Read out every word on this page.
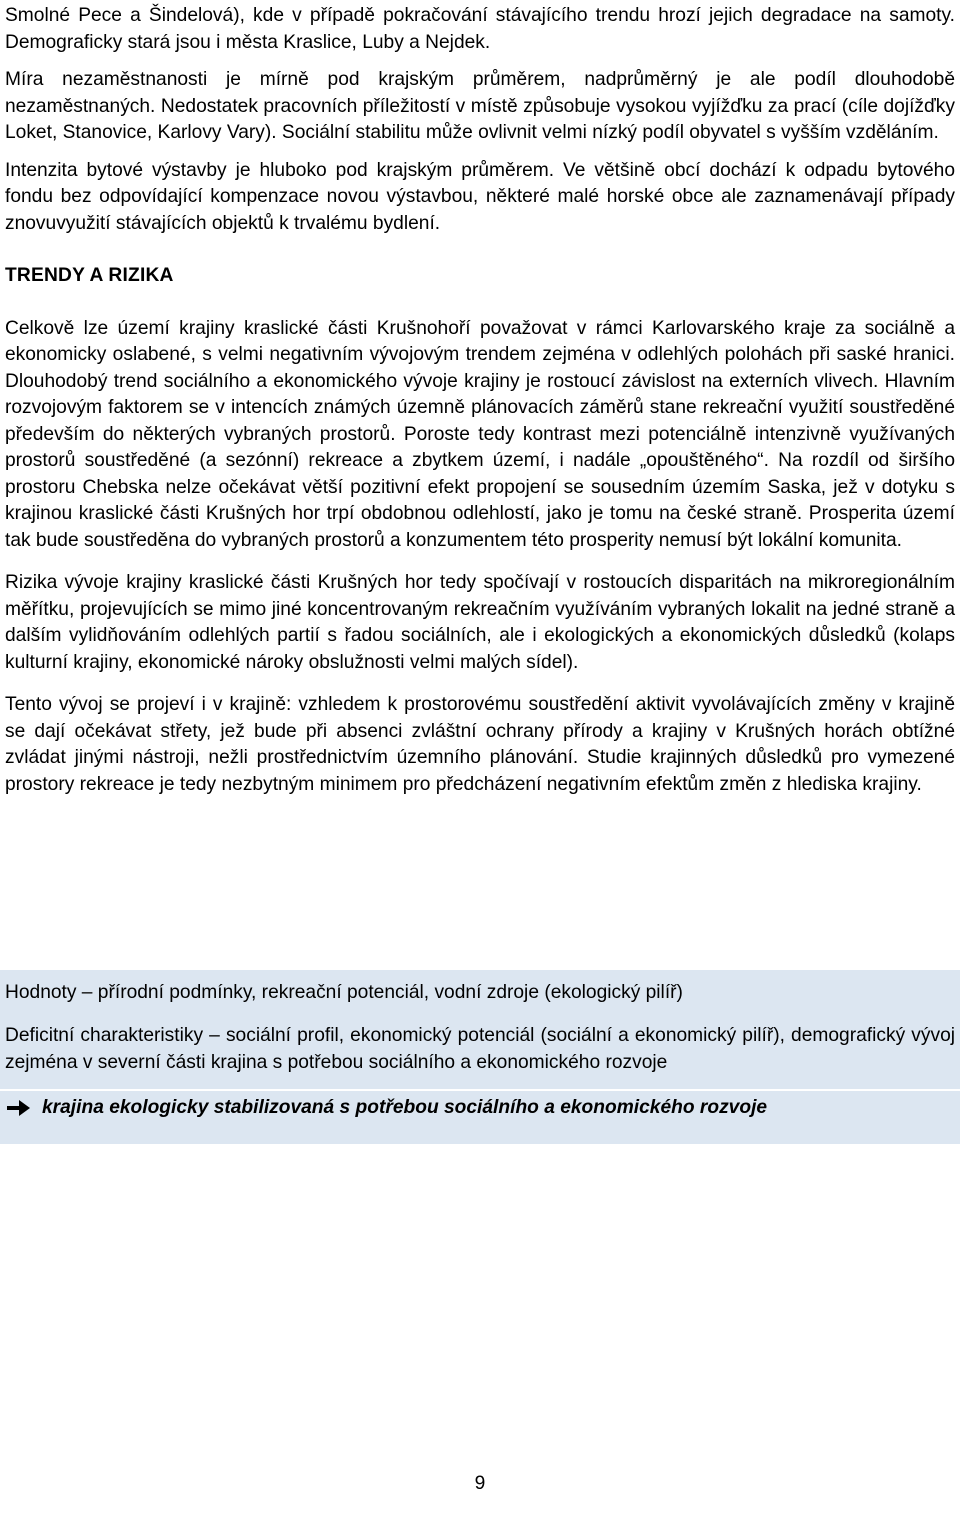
Smolné Pece a Šindelová), kde v případě pokračování stávajícího trendu hrozí jejich degradace na samoty. Demograficky stará jsou i města Kraslice, Luby a Nejdek.

Míra nezaměstnanosti je mírně pod krajským průměrem, nadprůměrný je ale podíl dlouhodobě nezaměstnaných. Nedostatek pracovních příležitostí v místě způsobuje vysokou vyjížďku za prací (cíle dojížďky Loket, Stanovice, Karlovy Vary). Sociální stabilitu může ovlivnit velmi nízký podíl obyvatel s vyšším vzděláním.

Intenzita bytové výstavby je hluboko pod krajským průměrem. Ve většině obcí dochází k odpadu bytového fondu bez odpovídající kompenzace novou výstavbou, některé malé horské obce ale zaznamenávají případy znovuvyužití stávajících objektů k trvalému bydlení.

TRENDY A RIZIKA

Celkově lze území krajiny kraslické části Krušnohoří považovat v rámci Karlovarského kraje za sociálně a ekonomicky oslabené, s velmi negativním vývojovým trendem zejména v odlehlých polohách při saské hranici. Dlouhodobý trend sociálního a ekonomického vývoje krajiny je rostoucí závislost na externích vlivech. Hlavním rozvojovým faktorem se v intencích známých územně plánovacích záměrů stane rekreační využití soustředěné především do některých vybraných prostorů. Poroste tedy kontrast mezi potenciálně intenzivně využívaných prostorů soustředěné (a sezónní) rekreace a zbytkem území, i nadále „opouštěného“. Na rozdíl od širšího prostoru Chebska nelze očekávat větší pozitivní efekt propojení se sousedním územím Saska, jež v dotyku s krajinou kraslické části Krušných hor trpí obdobnou odlehlostí, jako je tomu na české straně. Prosperita území tak bude soustředěna do vybraných prostorů a konzumentem této prosperity nemusí být lokální komunita.

Rizika vývoje krajiny kraslické části Krušných hor tedy spočívají v rostoucích disparitách na mikroregionálním měřítku, projevujících se mimo jiné koncentrovaným rekreačním využíváním vybraných lokalit na jedné straně a dalším vylidňováním odlehlých partií s řadou sociálních, ale i ekologických a ekonomických důsledků (kolaps kulturní krajiny, ekonomické nároky obslužnosti velmi malých sídel).

Tento vývoj se projeví i v krajině: vzhledem k prostorovému soustředění aktivit vyvolávajících změny v krajině se dají očekávat střety, jež bude při absenci zvláštní ochrany přírody a krajiny v Krušných horách obtížné zvládat jinými nástroji, nežli prostřednictvím územního plánování. Studie krajinných důsledků pro vymezené prostory rekreace je tedy nezbytným minimem pro předcházení negativním efektům změn z hlediska krajiny.

Hodnoty – přírodní podmínky, rekreační potenciál, vodní zdroje (ekologický pilíř)

Deficitní charakteristiky – sociální profil, ekonomický potenciál (sociální a ekonomický pilíř), demografický vývoj zejména v severní části krajina s potřebou sociálního a ekonomického rozvoje

krajina ekologicky stabilizovaná s potřebou sociálního a ekonomického rozvoje
9
